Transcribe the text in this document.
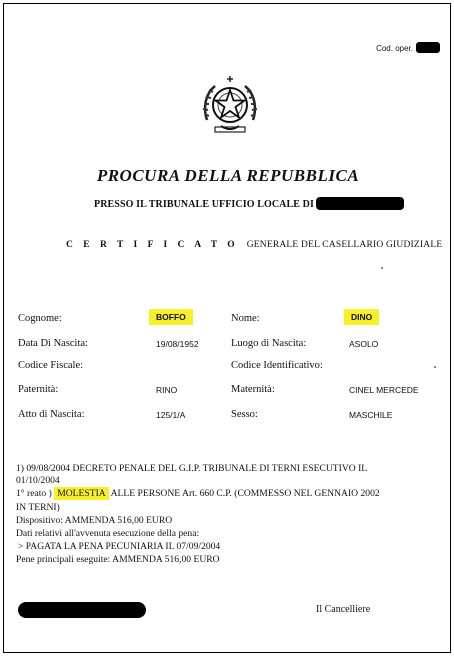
Cod. oper.
PROCURA DELLA REPUBBLICA
PRESSO IL TRIBUNALE UFFICIO LOCALE DI
C E R T I F I C A T O GENERALE DEL CASELLARIO GIUDIZIALE
Cognome:	BOFFO	Nome:	DINO
Data Di Nascita:	19/08/1952	Luogo di Nascita:	ASOLO
Codice Fiscale:	Codice Identificativo:
Paternità:	RINO	Maternità:	CINEL MERCEDE
Atto di Nascita:	125/1/A	Sesso:	MASCHILE
1) 09/08/2004 DECRETO PENALE DEL G.I.P. TRIBUNALE DI TERNI ESECUTIVO IL
01/10/2004
1° reato ) MOLESTIA ALLE PERSONE Art. 660 C.P. (COMMESSO NEL GENNAIO 2002
IN TERNI)
Dispositivo: AMMENDA 516,00 EURO
Dati relativi all'avvenuta esecuzione della pena:
> PAGATA LA PENA PECUNIARIA IL 07/09/2004
Pene principali eseguite: AMMENDA 516,00 EURO
Il Cancelliere
